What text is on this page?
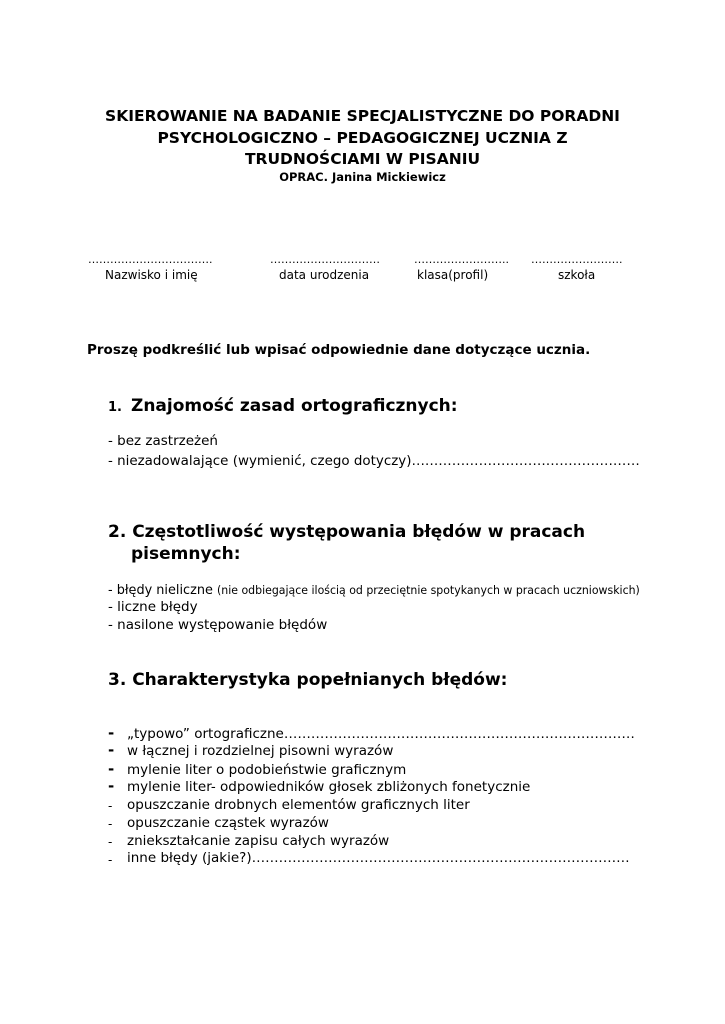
SKIEROWANIE NA BADANIE SPECJALISTYCZNE DO PORADNI
PSYCHOLOGICZNO – PEDAGOGICZNEJ UCZNIA Z
TRUDNOŚCIAMI W PISANIU
OPRAC. Janina Mickiewicz
…………………………….
Nazwisko i imię
…………………………
data urodzenia
……………………..
klasa(profil)
…………………….
szkoła
Proszę podkreślić lub wpisać odpowiednie dane dotyczące ucznia.
1. Znajomość zasad ortograficznych:
- bez zastrzeżeń
- niezadowalające (wymienić, czego dotyczy)……………………………………………
2. Częstotliwość występowania błędów w pracach
pisemnych:
- błędy nieliczne (nie odbiegające ilością od przeciętnie spotykanych w pracach uczniowskich)
- liczne błędy
- nasilone występowanie błędów
3. Charakterystyka popełnianych błędów:
- „typowo” ortograficzne……………………………………………………………………
- w łącznej i rozdzielnej pisowni wyrazów
- mylenie liter o podobieństwie graficznym
- mylenie liter- odpowiedników głosek zbliżonych fonetycznie
- opuszczanie drobnych elementów graficznych liter
- opuszczanie cząstek wyrazów
- zniekształcanie zapisu całych wyrazów
- inne błędy (jakie?)…………………………………………………………………………
